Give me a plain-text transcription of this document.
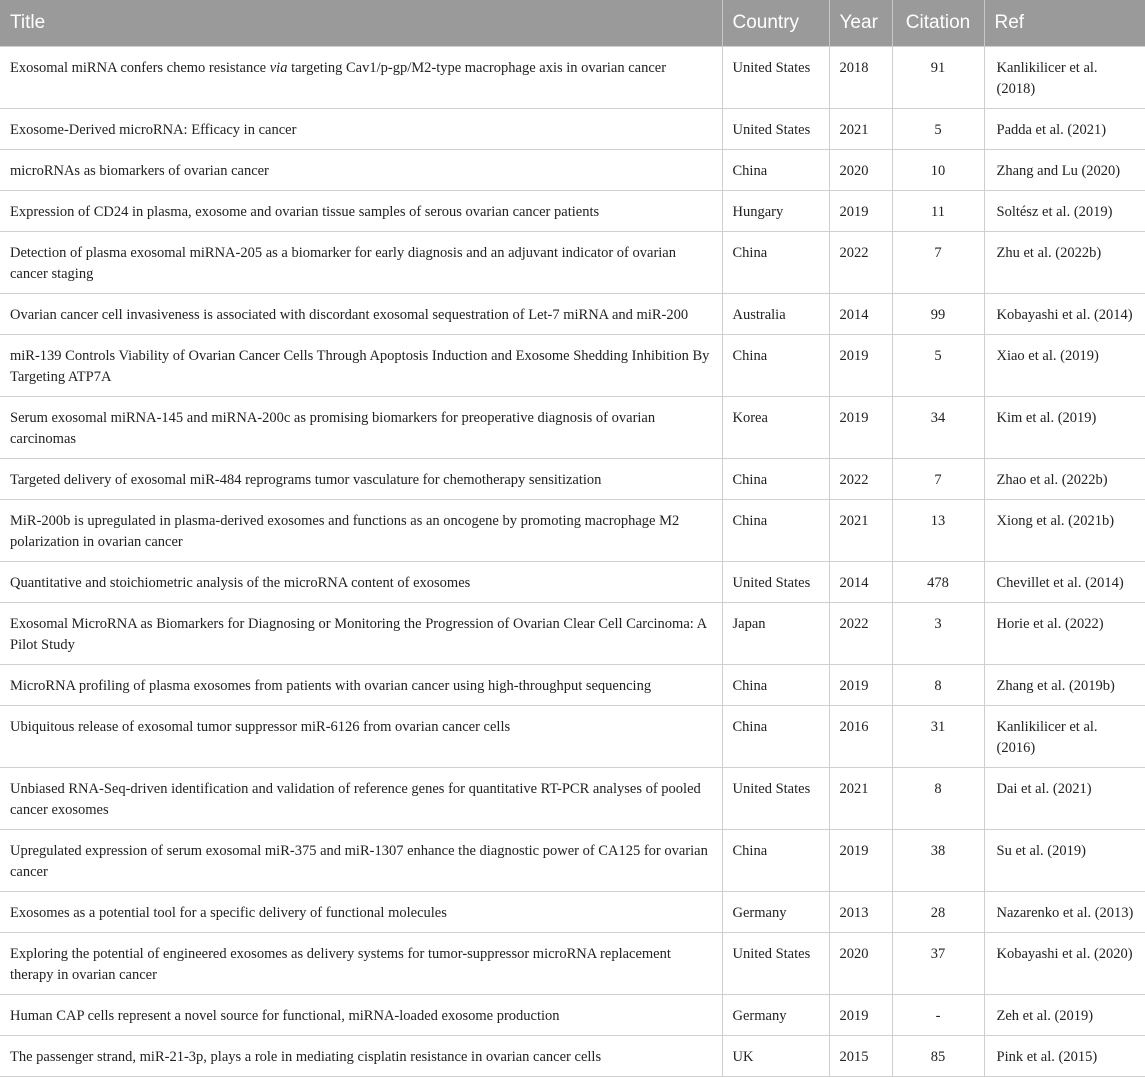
Title	Country	Year	Citation	Ref
Exosomal miRNA confers chemo resistance via targeting Cav1/p-gp/M2-type macrophage axis in ovarian cancer	United States	2018	91	Kanlikilicer et al. (2018)
Exosome-Derived microRNA: Efficacy in cancer	United States	2021	5	Padda et al. (2021)
microRNAs as biomarkers of ovarian cancer	China	2020	10	Zhang and Lu (2020)
Expression of CD24 in plasma, exosome and ovarian tissue samples of serous ovarian cancer patients	Hungary	2019	11	Soltész et al. (2019)
Detection of plasma exosomal miRNA-205 as a biomarker for early diagnosis and an adjuvant indicator of ovarian cancer staging	China	2022	7	Zhu et al. (2022b)
Ovarian cancer cell invasiveness is associated with discordant exosomal sequestration of Let-7 miRNA and miR-200	Australia	2014	99	Kobayashi et al. (2014)
miR-139 Controls Viability of Ovarian Cancer Cells Through Apoptosis Induction and Exosome Shedding Inhibition By Targeting ATP7A	China	2019	5	Xiao et al. (2019)
Serum exosomal miRNA-145 and miRNA-200c as promising biomarkers for preoperative diagnosis of ovarian carcinomas	Korea	2019	34	Kim et al. (2019)
Targeted delivery of exosomal miR-484 reprograms tumor vasculature for chemotherapy sensitization	China	2022	7	Zhao et al. (2022b)
MiR-200b is upregulated in plasma-derived exosomes and functions as an oncogene by promoting macrophage M2 polarization in ovarian cancer	China	2021	13	Xiong et al. (2021b)
Quantitative and stoichiometric analysis of the microRNA content of exosomes	United States	2014	478	Chevillet et al. (2014)
Exosomal MicroRNA as Biomarkers for Diagnosing or Monitoring the Progression of Ovarian Clear Cell Carcinoma: A Pilot Study	Japan	2022	3	Horie et al. (2022)
MicroRNA profiling of plasma exosomes from patients with ovarian cancer using high-throughput sequencing	China	2019	8	Zhang et al. (2019b)
Ubiquitous release of exosomal tumor suppressor miR-6126 from ovarian cancer cells	China	2016	31	Kanlikilicer et al. (2016)
Unbiased RNA-Seq-driven identification and validation of reference genes for quantitative RT-PCR analyses of pooled cancer exosomes	United States	2021	8	Dai et al. (2021)
Upregulated expression of serum exosomal miR-375 and miR-1307 enhance the diagnostic power of CA125 for ovarian cancer	China	2019	38	Su et al. (2019)
Exosomes as a potential tool for a specific delivery of functional molecules	Germany	2013	28	Nazarenko et al. (2013)
Exploring the potential of engineered exosomes as delivery systems for tumor-suppressor microRNA replacement therapy in ovarian cancer	United States	2020	37	Kobayashi et al. (2020)
Human CAP cells represent a novel source for functional, miRNA-loaded exosome production	Germany	2019	-	Zeh et al. (2019)
The passenger strand, miR-21-3p, plays a role in mediating cisplatin resistance in ovarian cancer cells	UK	2015	85	Pink et al. (2015)
